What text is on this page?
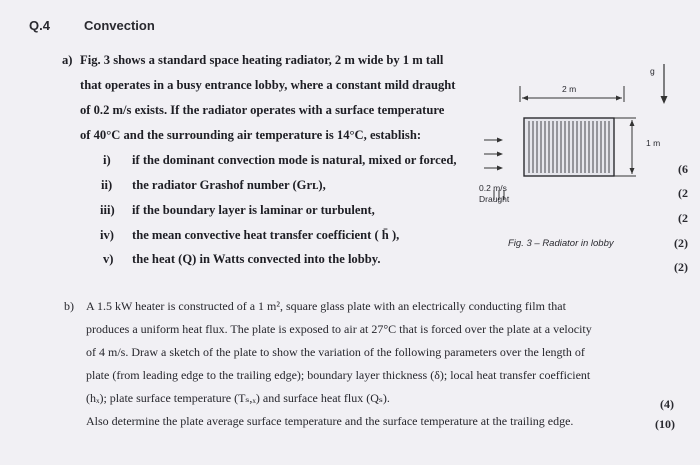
Q.4	Convection
a) Fig. 3 shows a standard space heating radiator, 2 m wide by 1 m tall
that operates in a busy entrance lobby, where a constant mild draught
of 0.2 m/s exists. If the radiator operates with a surface temperature
of 40°C and the surrounding air temperature is 14°C, establish:
i) if the dominant convection mode is natural, mixed or forced,
ii) the radiator Grashof number (Grʟ),
iii) if the boundary layer is laminar or turbulent,
iv) the mean convective heat transfer coefficient ( h̄ ),
v) the heat (Q) in Watts convected into the lobby.
(6
(2
(2
(2)
(2)
2 m
1 m
g
0.2 m/s
Draught
Fig. 3 – Radiator in lobby
b) A 1.5 kW heater is constructed of a 1 m², square glass plate with an electrically conducting film that
produces a uniform heat flux. The plate is exposed to air at 27°C that is forced over the plate at a velocity
of 4 m/s. Draw a sketch of the plate to show the variation of the following parameters over the length of
plate (from leading edge to the trailing edge); boundary layer thickness (δ); local heat transfer coefficient
(hₓ); plate surface temperature (Tₛ,ₓ) and surface heat flux (Qₛ).
Also determine the plate average surface temperature and the surface temperature at the trailing edge.
(4)
(10)
